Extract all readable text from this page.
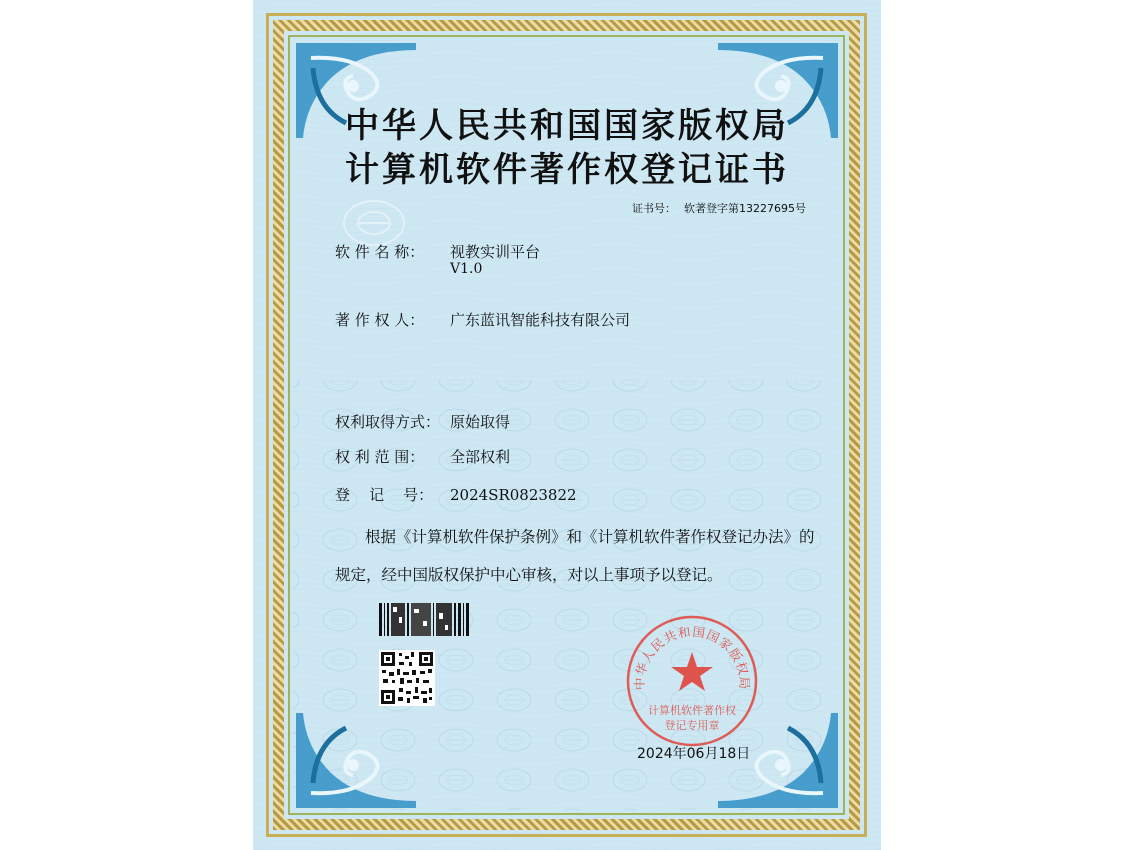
中华人民共和国国家版权局
计算机软件著作权登记证书
证书号： 软著登字第13227695号
软 件 名 称： 视教实训平台
V1.0
著 作 权 人： 广东蓝讯智能科技有限公司
权利取得方式： 原始取得
权 利 范 围： 全部权利
登    记    号： 2024SR0823822
根据《计算机软件保护条例》和《计算机软件著作权登记办法》的
规定，经中国版权保护中心审核，对以上事项予以登记。
中华人民共和国国家版权局
计算机软件著作权
登记专用章
2024年06月18日
